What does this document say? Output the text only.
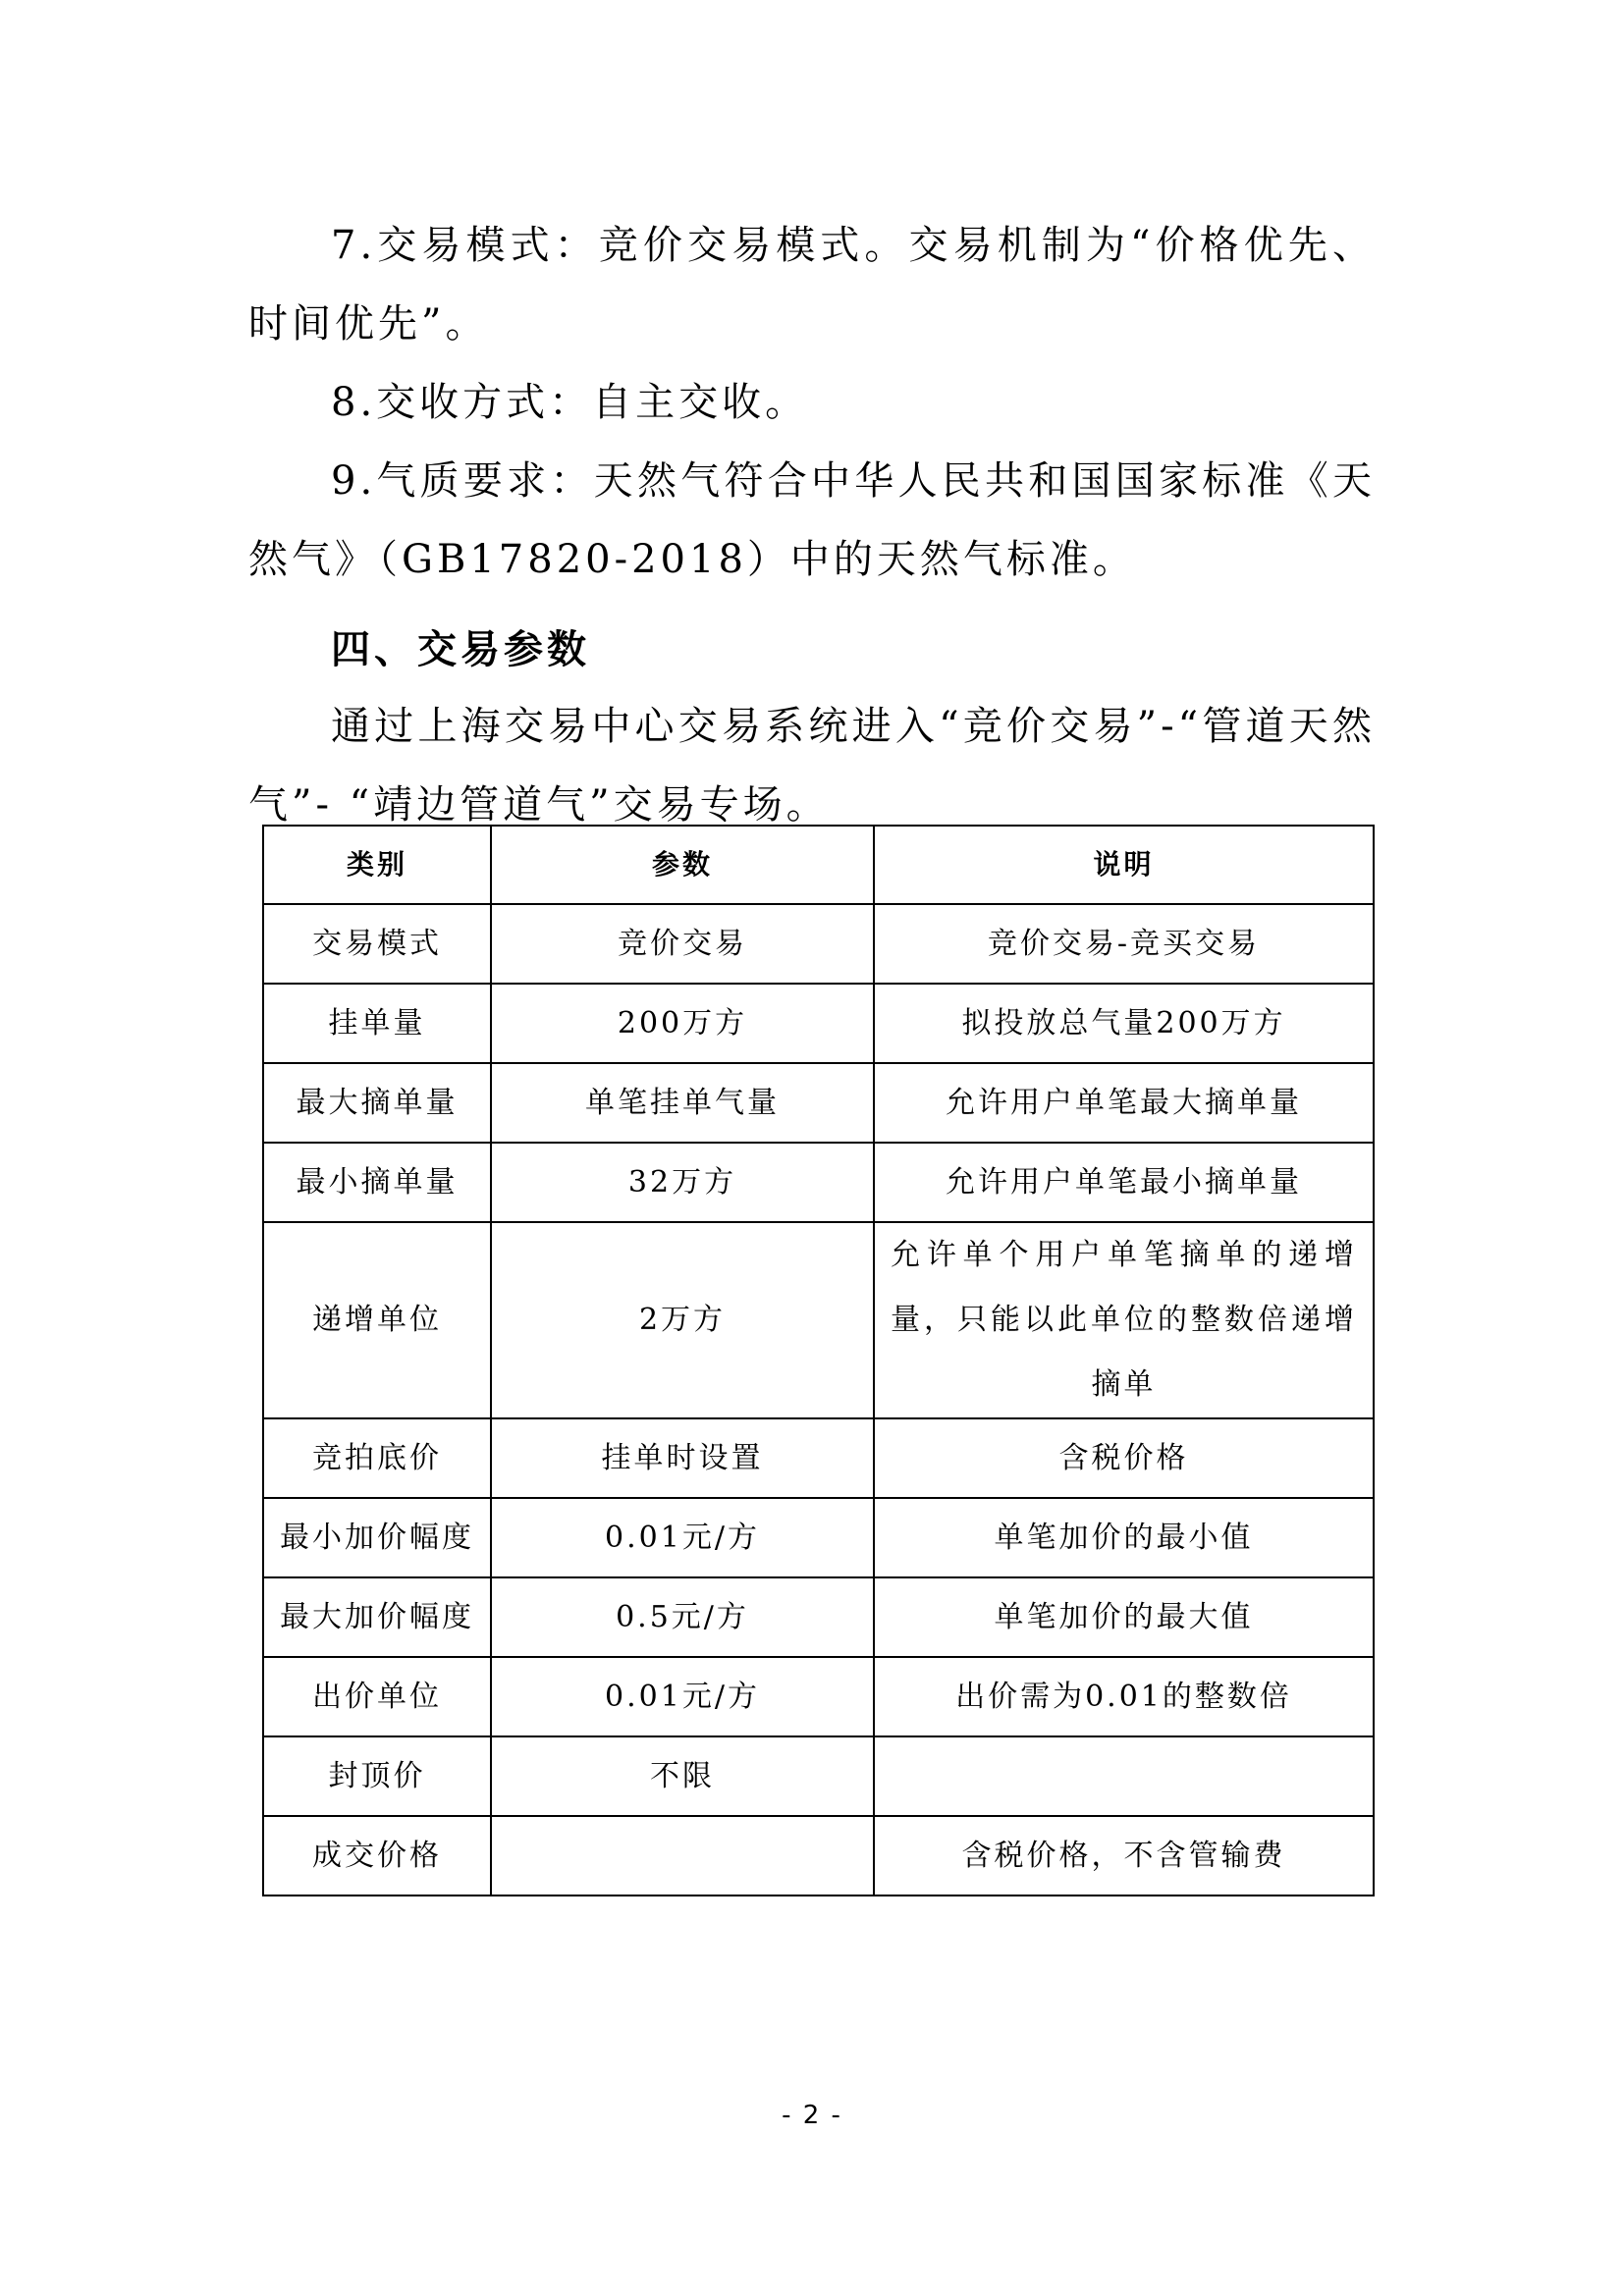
7.交易模式：竞价交易模式。交易机制为“价格优先、时间优先”。

8.交收方式：自主交收。

9.气质要求：天然气符合中华人民共和国国家标准《天然气》（GB17820-2018）中的天然气标准。

四、交易参数

通过上海交易中心交易系统进入“竞价交易”-“管道天然气”- “靖边管道气”交易专场。

类别	参数	说明
交易模式	竞价交易	竞价交易-竞买交易
挂单量	200万方	拟投放总气量200万方
最大摘单量	单笔挂单气量	允许用户单笔最大摘单量
最小摘单量	32万方	允许用户单笔最小摘单量
递增单位	2万方	允许单个用户单笔摘单的递增量，只能以此单位的整数倍递增摘单
竞拍底价	挂单时设置	含税价格
最小加价幅度	0.01元/方	单笔加价的最小值
最大加价幅度	0.5元/方	单笔加价的最大值
出价单位	0.01元/方	出价需为0.01的整数倍
封顶价	不限	
成交价格		含税价格，不含管输费
- 2 -
